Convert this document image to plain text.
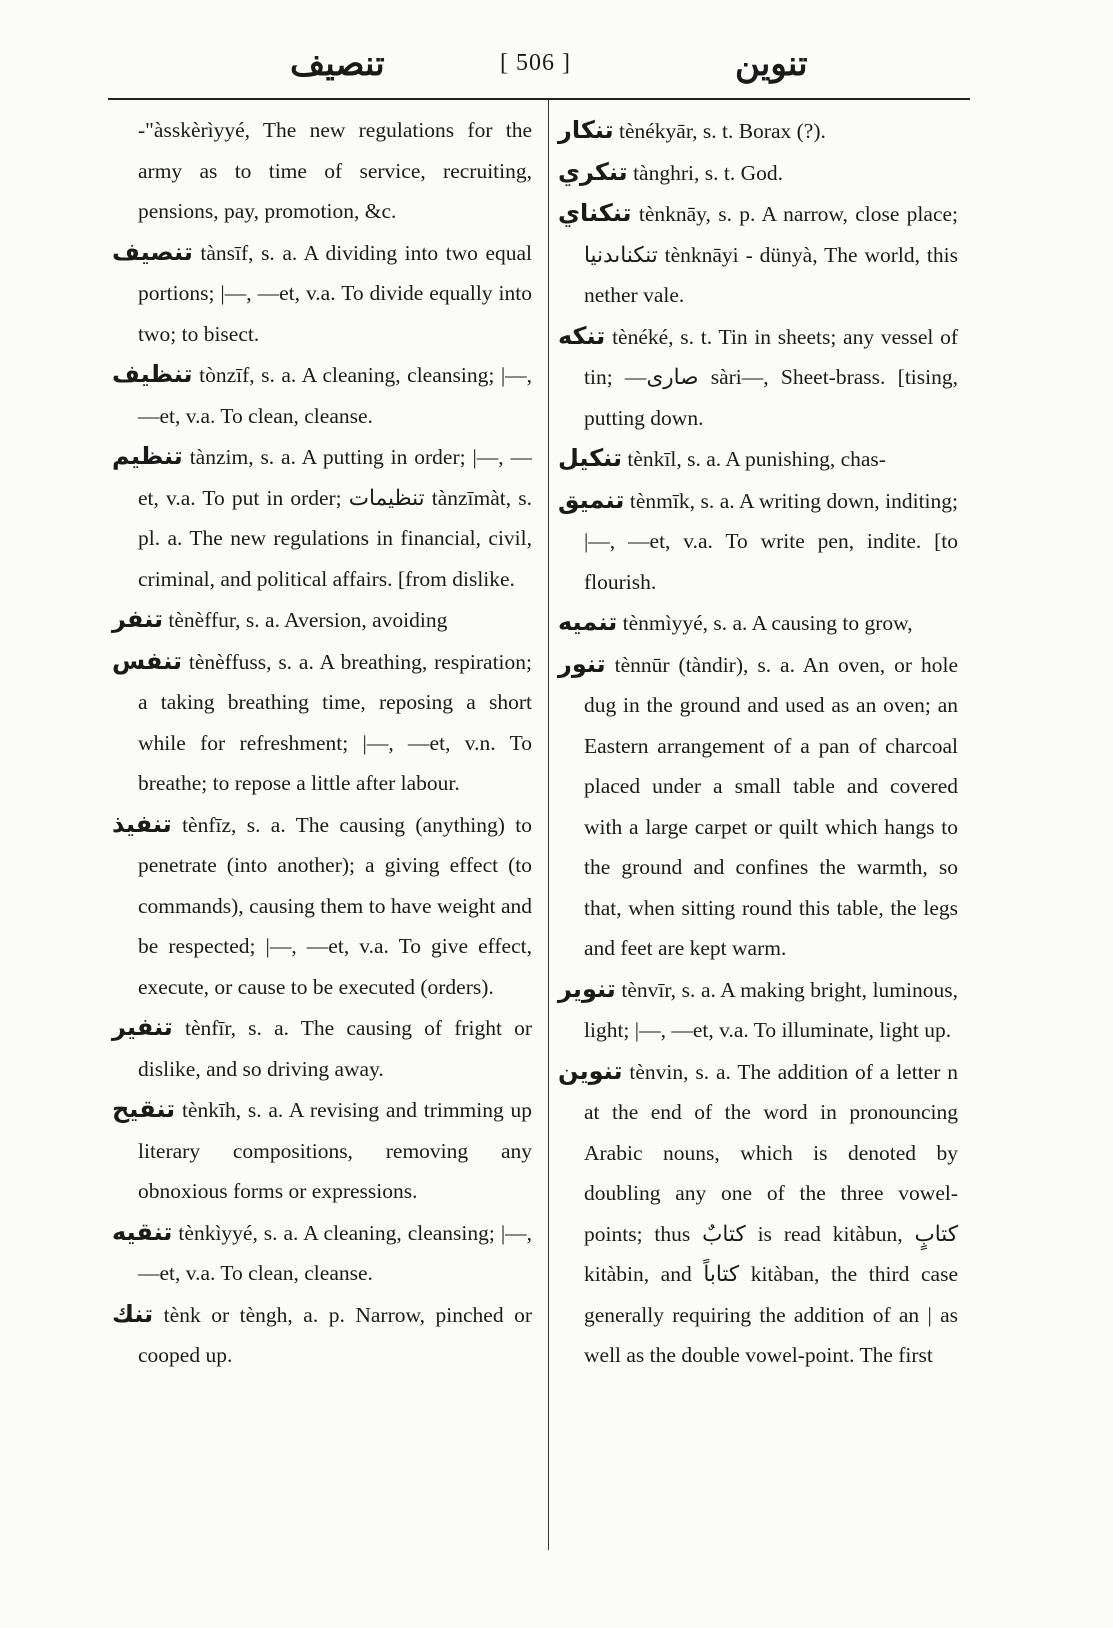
تنصيف	[ 506 ]	تنوين

-"àsskèrìyyé, The new regulations for the army as to time of service, recruiting, pensions, pay, promotion, &c.

تنصيف tànsīf, s. a. A dividing into two equal portions; |—, —et, v.a. To divide equally into two; to bisect.

تنظيف tònzīf, s. a. A cleaning, cleansing; |—, —et, v.a. To clean, cleanse.

تنظيم tànzim, s. a. A putting in order; |—, —et, v.a. To put in order; تنظيمات tànzīmàt, s. pl. a. The new regulations in financial, civil, criminal, and political affairs. [from dislike.

تنفر tènèffur, s. a. Aversion, avoiding

تنفس tènèffuss, s. a. A breathing, respiration; a taking breathing time, reposing a short while for refreshment; |—, —et, v.n. To breathe; to repose a little after labour.

تنفيذ tènfīz, s. a. The causing (anything) to penetrate (into another); a giving effect (to commands), causing them to have weight and be respected; |—, —et, v.a. To give effect, execute, or cause to be executed (orders).

تنفير tènfīr, s. a. The causing of fright or dislike, and so driving away.

تنقيح tènkīh, s. a. A revising and trimming up literary compositions, removing any obnoxious forms or expressions.

تنقيه tènkìyyé, s. a. A cleaning, cleansing; |—, —et, v.a. To clean, cleanse.

تنك tènk or tèngh, a. p. Narrow, pinched or cooped up.

تنكار tènékyār, s. t. Borax (?).

تنكري tànghri, s. t. God.

تنكناي tènknāy, s. p. A narrow, close place; تنكناىدنيا tènknāyi - dünyà, The world, this nether vale.

تنكه tènéké, s. t. Tin in sheets; any vessel of tin; —صارى sàri—, Sheet-brass. [tising, putting down.

تنكيل tènkīl, s. a. A punishing, chas-

تنميق tènmīk, s. a. A writing down, inditing; |—, —et, v.a. To write pen, indite. [to flourish.

تنميه tènmìyyé, s. a. A causing to grow,

تنور tènnūr (tàndir), s. a. An oven, or hole dug in the ground and used as an oven; an Eastern arrangement of a pan of charcoal placed under a small table and covered with a large carpet or quilt which hangs to the ground and confines the warmth, so that, when sitting round this table, the legs and feet are kept warm.

تنوير tènvīr, s. a. A making bright, luminous, light; |—, —et, v.a. To illuminate, light up.

تنوين tènvin, s. a. The addition of a letter n at the end of the word in pronouncing Arabic nouns, which is denoted by doubling any one of the three vowel-points; thus كتابٌ is read kitàbun, كتابٍ kitàbin, and كتاباً kitàban, the third case generally requiring the addition of an | as well as the double vowel-point. The first
